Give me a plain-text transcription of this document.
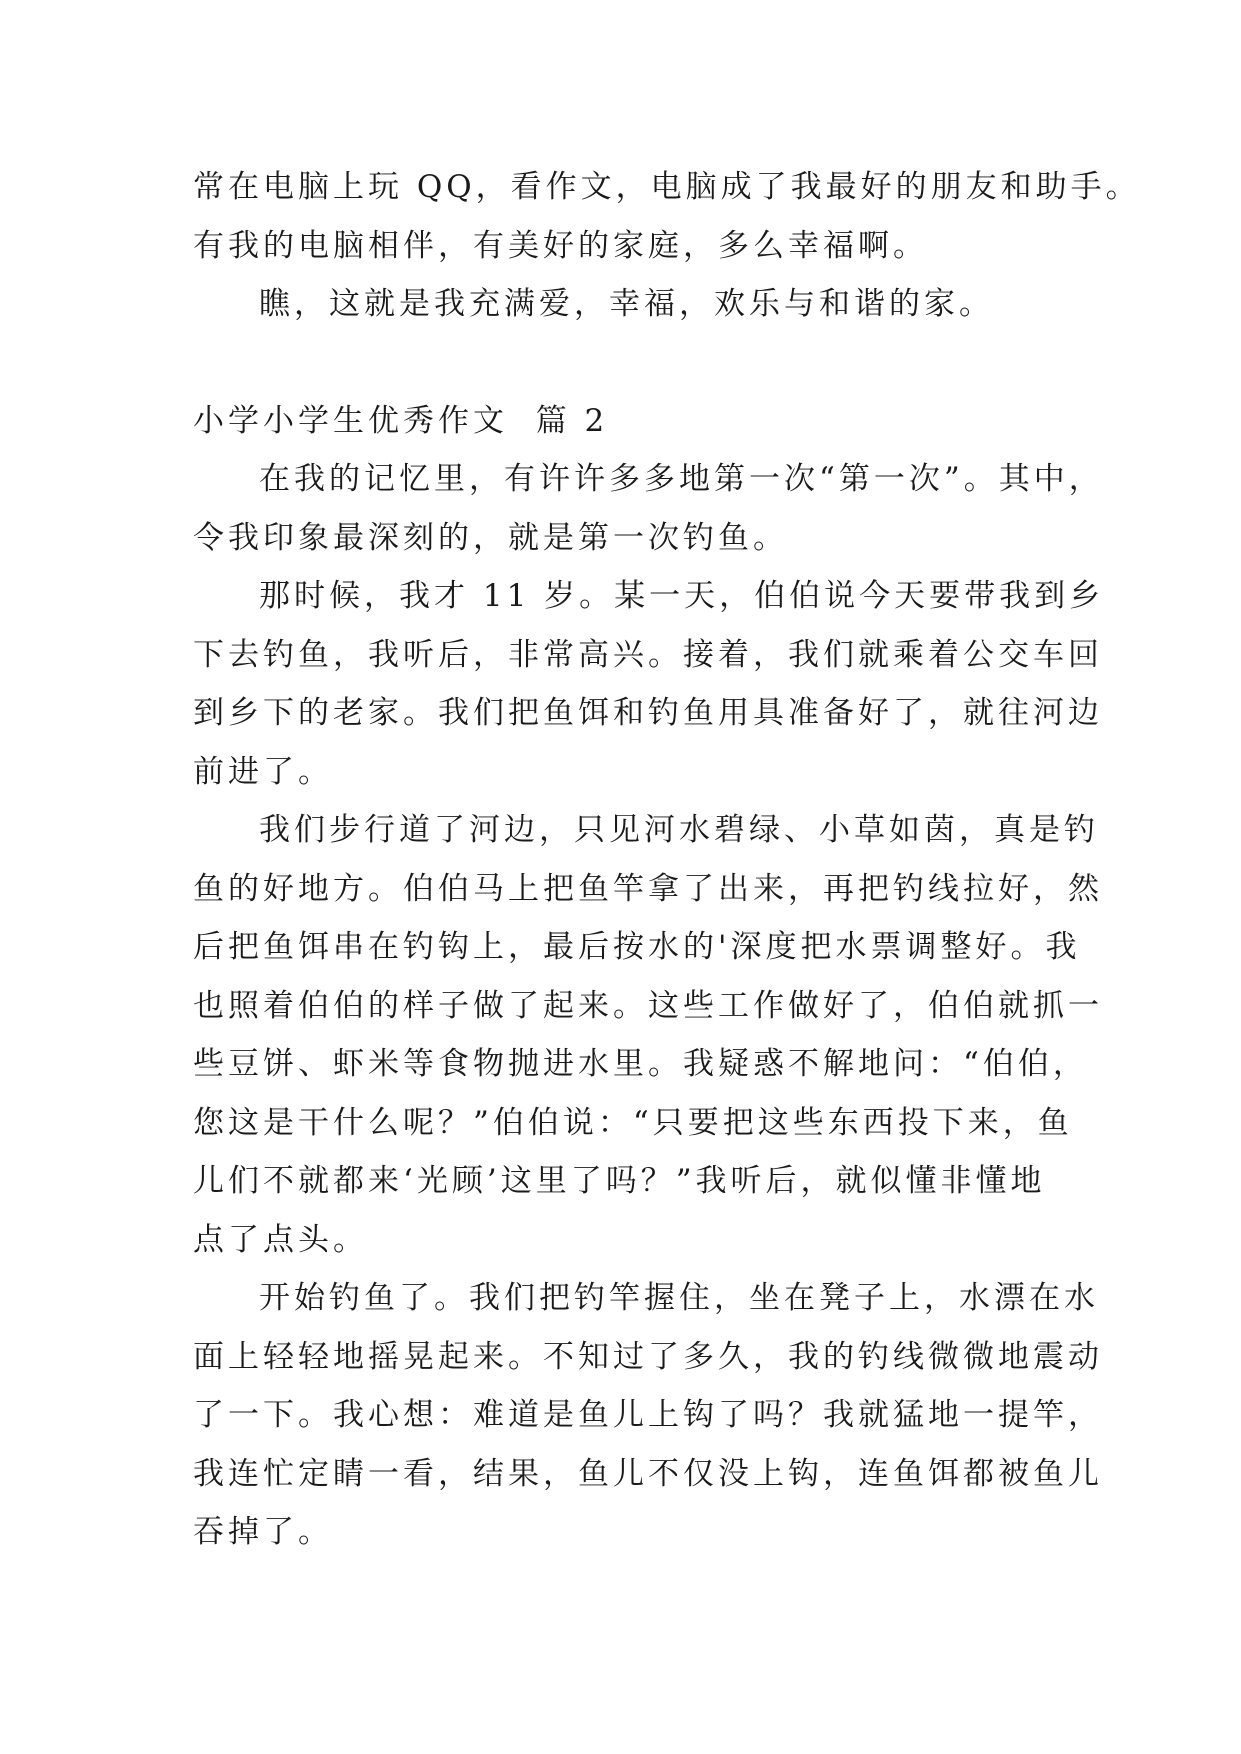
常在电脑上玩 QQ，看作文，电脑成了我最好的朋友和助手。
有我的电脑相伴，有美好的家庭，多么幸福啊。
瞧，这就是我充满爱，幸福，欢乐与和谐的家。
小学小学生优秀作文  篇 2
在我的记忆里，有许许多多地第一次“第一次”。其中，
令我印象最深刻的，就是第一次钓鱼。
那时候，我才 11 岁。某一天，伯伯说今天要带我到乡
下去钓鱼，我听后，非常高兴。接着，我们就乘着公交车回
到乡下的老家。我们把鱼饵和钓鱼用具准备好了，就往河边
前进了。
我们步行道了河边，只见河水碧绿、小草如茵，真是钓
鱼的好地方。伯伯马上把鱼竿拿了出来，再把钓线拉好，然
后把鱼饵串在钓钩上，最后按水的'深度把水票调整好。我
也照着伯伯的样子做了起来。这些工作做好了，伯伯就抓一
些豆饼、虾米等食物抛进水里。我疑惑不解地问：“伯伯，
您这是干什么呢？”伯伯说：“只要把这些东西投下来，鱼
儿们不就都来‘光顾’这里了吗？”我听后，就似懂非懂地
点了点头。
开始钓鱼了。我们把钓竿握住，坐在凳子上，水漂在水
面上轻轻地摇晃起来。不知过了多久，我的钓线微微地震动
了一下。我心想：难道是鱼儿上钩了吗？我就猛地一提竿，
我连忙定睛一看，结果，鱼儿不仅没上钩，连鱼饵都被鱼儿
吞掉了。
